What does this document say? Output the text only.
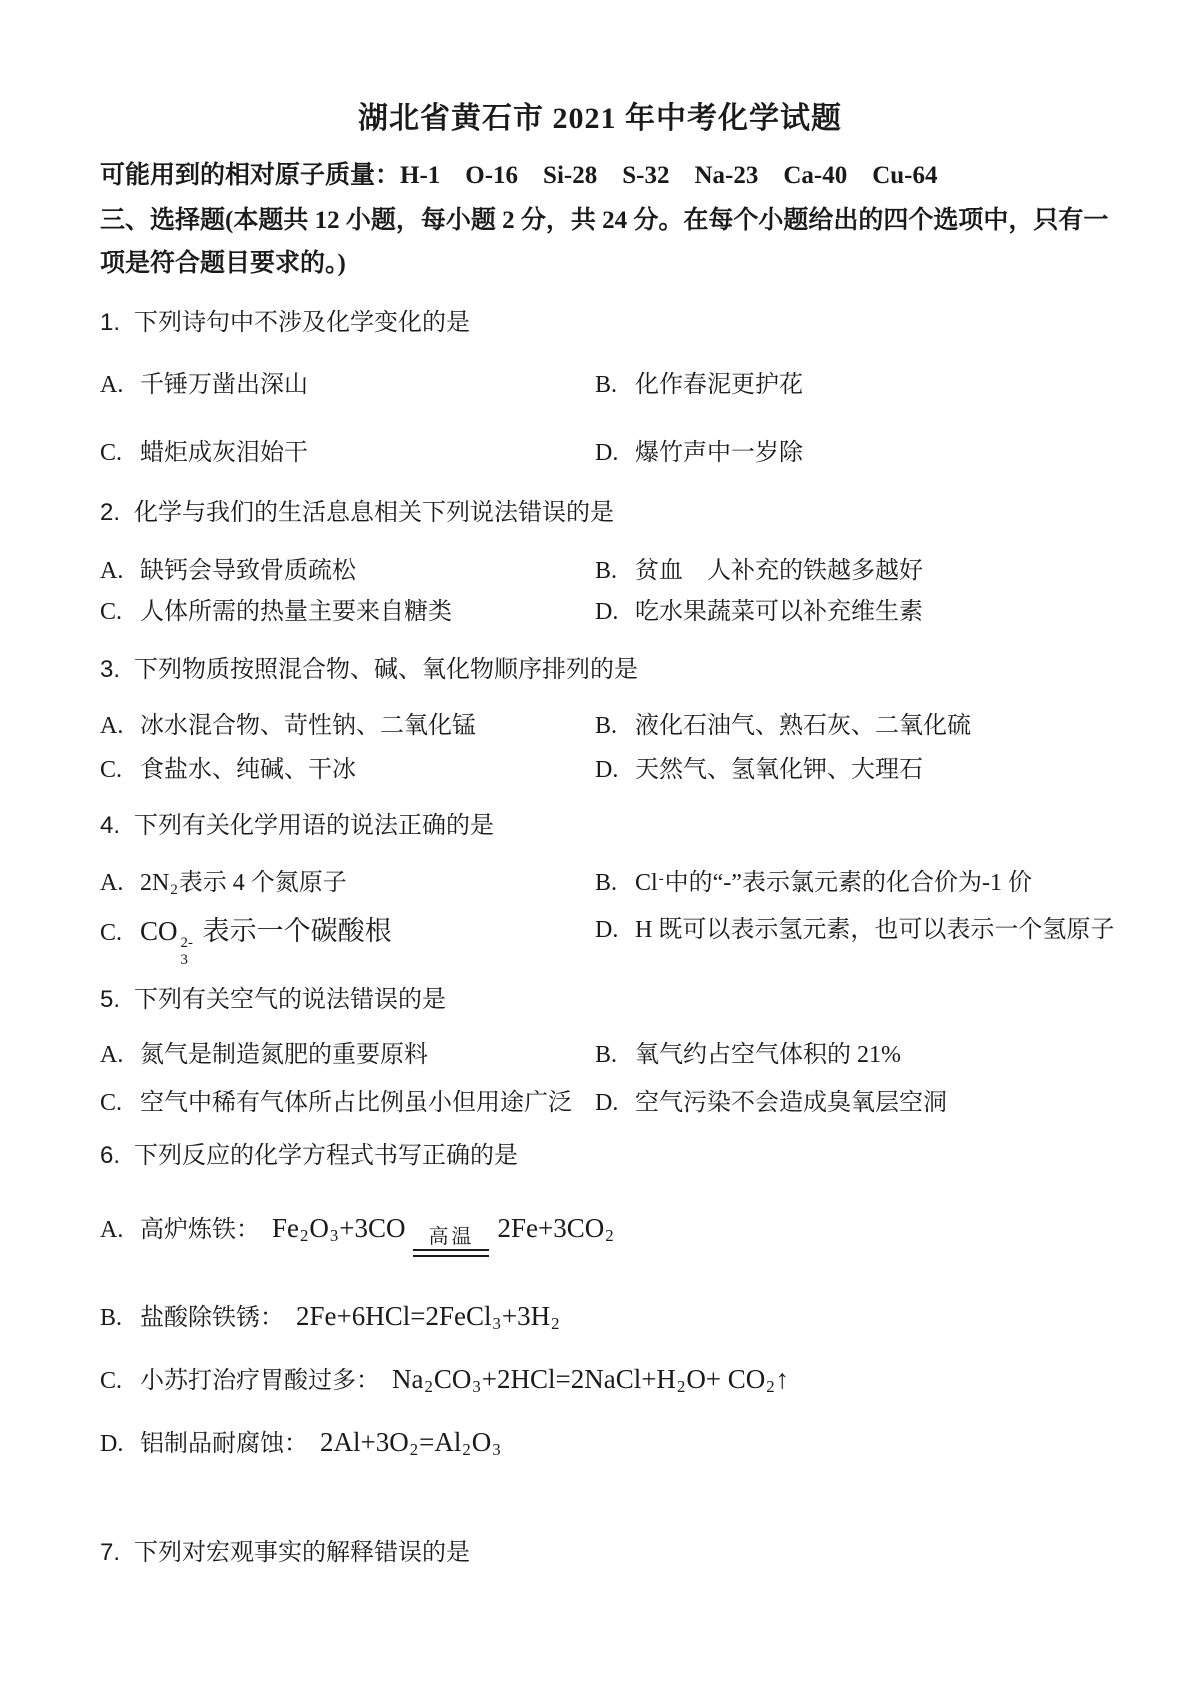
湖北省黄石市 2021 年中考化学试题
可能用到的相对原子质量：H-1    O-16    Si-28    S-32    Na-23    Ca-40    Cu-64
三、选择题(本题共 12 小题，每小题 2 分，共 24 分。在每个小题给出的四个选项中，只有一
项是符合题目要求的。)
1. 下列诗句中不涉及化学变化的是
A. 千锤万凿出深山	B. 化作春泥更护花
C. 蜡炬成灰泪始干	D. 爆竹声中一岁除
2. 化学与我们的生活息息相关下列说法错误的是
A. 缺钙会导致骨质疏松	B. 贫血　人补充的铁越多越好
C. 人体所需的热量主要来自糖类	D. 吃水果蔬菜可以补充维生素
3. 下列物质按照混合物、碱、氧化物顺序排列的是
A. 冰水混合物、苛性钠、二氧化锰	B. 液化石油气、熟石灰、二氧化硫
C. 食盐水、纯碱、干冰	D. 天然气、氢氧化钾、大理石
4. 下列有关化学用语的说法正确的是
A. $2N_2$表示 4 个氮原子	B. Cl-中的“-”表示氯元素的化合价为-1 价
C. CO 2-
3
表示一个碳酸根	D. H 既可以表示氢元素，也可以表示一个氢原子
5. 下列有关空气的说法错误的是
A. 氮气是制造氮肥的重要原料	B. 氧气约占空气体积的 21%
C. 空气中稀有气体所占比例虽小但用途广泛 D. 空气污染不会造成臭氧层空洞
6. 下列反应的化学方程式书写正确的是
A. 高炉炼铁： $Fe_2O_3+3CO$	高温 $2Fe+3CO_2$
B. 盐酸除铁锈： $2Fe+6HCl=2FeCl_3+3H_2$
C. 小苏打治疗胃酸过多： $Na_2CO_3+2HCl=2NaCl+H_2O+$ $CO_2↑$
D. 铝制品耐腐蚀： $2Al+3O_2=Al_2O_3$
7. 下列对宏观事实的解释错误的是
